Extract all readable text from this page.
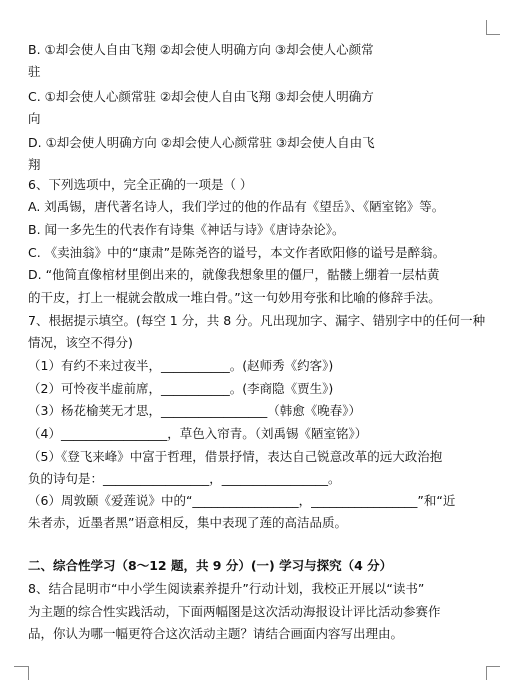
B. ①却会使人自由飞翔 ②却会使人明确方向 ③却会使人心颜常
驻
C. ①却会使人心颜常驻 ②却会使人自由飞翔 ③却会使人明确方
向
D. ①却会使人明确方向 ②却会使人心颜常驻 ③却会使人自由飞
翔
6、下列选项中，完全正确的一项是（ ）
A. 刘禹锡，唐代著名诗人，我们学过的他的作品有《望岳》、《陋室铭》等。
B. 闻一多先生的代表作有诗集《神话与诗》《唐诗杂论》。
C. 《卖油翁》中的“康肃”是陈尧咨的谥号，本文作者欧阳修的谥号是醉翁。
D. “他简直像棺材里倒出来的，就像我想象里的僵尸，骷髅上绷着一层枯黄
的干皮，打上一棍就会散成一堆白骨。”这一句妙用夸张和比喻的修辞手法。
7、根据提示填空。(每空 1 分，共 8 分。凡出现加字、漏字、错别字中的任何一种
情况，该空不得分)
（1）有约不来过夜半，___________。(赵师秀《约客》)
（2）可怜夜半虚前席，___________。(李商隐《贾生》)
（3）杨花榆荚无才思，_________________（韩愈《晚春》）
（4）_________________，草色入帘青。（刘禹锡《陋室铭》）
（5）《登飞来峰》中富于哲理，借景抒情，表达自己锐意改革的远大政治抱
负的诗句是：_________________，_________________。
（6）周敦颐《爱莲说》中的“_________________，_________________”和“近
朱者赤，近墨者黑”语意相反，集中表现了莲的高洁品质。
二、综合性学习（8～12 题，共 9 分）(一) 学习与探究（4 分）
8、结合昆明市“中小学生阅读素养提升”行动计划，我校正开展以“读书”
为主题的综合性实践活动，下面两幅图是这次活动海报设计评比活动参赛作
品，你认为哪一幅更符合这次活动主题？请结合画面内容写出理由。
